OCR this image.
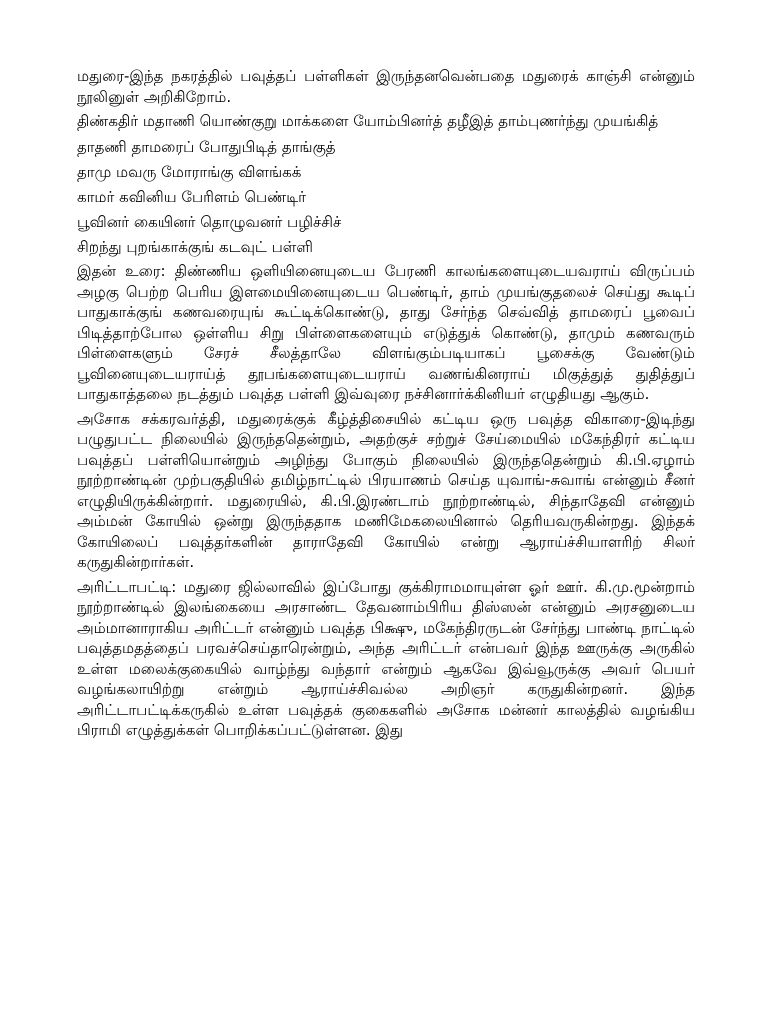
மதுரை-இந்த நகரத்தில் பவுத்தப் பள்ளிகள் இருந்தனவென்பதை மதுரைக் காஞ்சி என்னும் நூலினுள் அறிகிறோம்.

திண்கதிர் மதாணி யொண்குறு மாக்களை யோம்பினர்த் தழீஇத் தாம்புணர்ந்து முயங்கித்

தாதணி தாமரைப் போதுபிடித் தாங்குத்

தாமு மவரு மோராங்கு விளங்கக்

காமர் கவினிய பேரிளம் பெண்டிர்

பூவினர் கையினர் தொழுவனர் பழிச்சிச்

சிறந்து புறங்காக்குங் கடவுட் பள்ளி

இதன் உரை: திண்ணிய ஒளியினையுடைய பேரணி காலங்களையுடையவராய் விருப்பம் அழகு பெற்ற பெரிய இளமையினையுடைய பெண்டிர், தாம் முயங்குதலைச் செய்து கூடிப் பாதுகாக்குங் கணவரையுங் கூட்டிக்கொண்டு, தாது சேர்ந்த செவ்வித் தாமரைப் பூவைப் பிடித்தாற்போல ஒள்ளிய சிறு பிள்ளைகளையும் எடுத்துக் கொண்டு, தாமும் கணவரும் பிள்ளைகளும் சேரச் சீலத்தாலே விளங்கும்படியாகப் பூசைக்கு வேண்டும் பூவினையுடையராய்த் தூபங்களையுடையராய் வணங்கினராய் மிகுத்துத் துதித்துப் பாதுகாத்தலை நடத்தும் பவுத்த பள்ளி இவ்வுரை நச்சினார்க்கினியர் எழுதியது ஆகும்.

அசோக சக்கரவர்த்தி, மதுரைக்குக் கீழ்த்திசையில் கட்டிய ஒரு பவுத்த விகாரை-இடிந்து பழுதுபட்ட நிலையில் இருந்ததென்றும், அதற்குச் சற்றுச் சேய்மையில் மகேந்திரர் கட்டிய பவுத்தப் பள்ளியொன்றும் அழிந்து போகும் நிலையில் இருந்ததென்றும் கி.பி.ஏழாம் நூற்றாண்டின் முற்பகுதியில் தமிழ்நாட்டில் பிரயாணம் செய்த யுவாங்-சுவாங் என்னும் சீனர் எழுதியிருக்கின்றார். மதுரையில், கி.பி.இரண்டாம் நூற்றாண்டில், சிந்தாதேவி என்னும் அம்மன் கோயில் ஒன்று இருந்ததாக மணிமேகலையினால் தெரியவருகின்றது. இந்தக் கோயிலைப் பவுத்தர்களின் தாராதேவி கோயில் என்று ஆராய்ச்சியாளரிற் சிலர் கருதுகின்றார்கள்.

அரிட்டாபட்டி: மதுரை ஜில்லாவில் இப்போது குக்கிராமமாயுள்ள ஓர் ஊர். கி.மு.மூன்றாம் நூற்றாண்டில் இலங்கையை அரசாண்ட தேவனாம்பிரிய திஸ்ஸன் என்னும் அரசனுடைய அம்மானாராகிய அரிட்டர் என்னும் பவுத்த பிக்ஷு, மகேந்திரருடன் சேர்ந்து பாண்டி நாட்டில் பவுத்தமதத்தைப் பரவச்செய்தாரென்றும், அந்த அரிட்டர் என்பவர் இந்த ஊருக்கு அருகில் உள்ள மலைக்குகையில் வாழ்ந்து வந்தார் என்றும் ஆகவே இவ்வூருக்கு அவர் பெயர் வழங்கலாயிற்று என்றும் ஆராய்ச்சிவல்ல அறிஞர் கருதுகின்றனர். இந்த அரிட்டாபட்டிக்கருகில் உள்ள பவுத்தக் குகைகளில் அசோக மன்னர் காலத்தில் வழங்கிய பிராமி எழுத்துக்கள் பொறிக்கப்பட்டுள்ளன. இது
